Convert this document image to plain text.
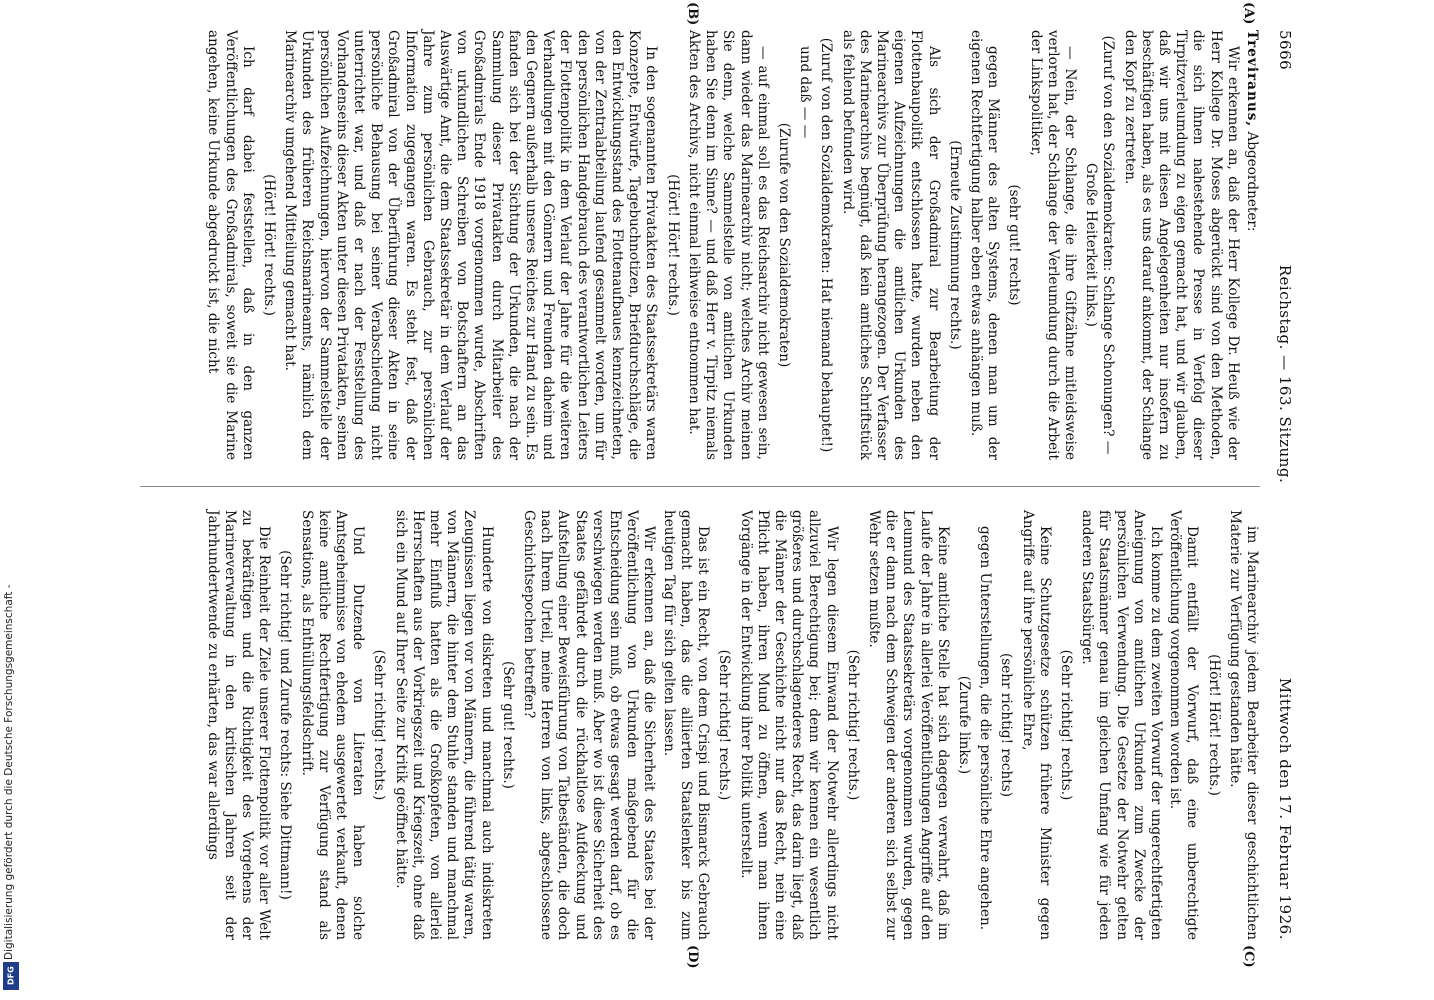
Digitalisierung gefördert durch die Deutsche Forschungsgemeinschaft -
DFG
5666
Reichstag. — 163. Sitzung.
Mittwoch den 17. Februar 1926.
(A)
(B)
(C)
(D)

Treviranus, Abgeordneter:

Wir erkennen an, daß der Herr Kollege Dr. Heuß wie der Herr Kollege Dr. Moses abgerückt sind von den Methoden, die sich ihnen nahestehende Presse in Verfolg dieser Tirpitzverleumdung zu eigen gemacht hat, und wir glauben, daß wir uns mit diesen Angelegenheiten nur insofern zu beschäftigen haben, als es uns darauf ankommt, der Schlange den Kopf zu zertreten.

(Zuruf von den Sozialdemokraten: Schlange Schonungen? — Große Heiterkeit links.)

— Nein, der Schlange, die ihre Giftzähne mitleidsweise verloren hat, der Schlange der Verleumdung durch die Arbeit der Linkspolitiker,

(sehr gut! rechts)

gegen Männer des alten Systems, denen man um der eigenen Rechtfertigung halber eben etwas anhängen muß.

(Erneute Zustimmung rechts.)

Als sich der Großadmiral zur Bearbeitung der Flottenbaupolitik entschlossen hatte, wurden neben den eigenen Aufzeichnungen die amtlichen Urkunden des Marinearchivs zur Überprüfung herangezogen. Der Verfasser des Marinearchivs begnügt, daß kein amtliches Schriftstück als fehlend befunden wird.

(Zuruf von den Sozialdemokraten: Hat niemand behauptet!)

und daß — —

(Zurufe von den Sozialdemokraten)

— auf einmal soll es das Reichsarchiv nicht gewesen sein, dann wieder das Marinearchiv nicht; welches Archiv meinen Sie denn, welche Sammelstelle von amtlichen Urkunden haben Sie denn im Sinne? — und daß Herr v. Tirpitz niemals Akten des Archivs, nicht einmal leihweise entnommen hat.

(Hört! Hört! rechts.)

In den sogenannten Privatakten des Staatssekretärs waren Konzepte, Entwürfe, Tagebuchnotizen, Briefdurchschläge, die den Entwicklungsstand des Flottenaufbaues kennzeichneten, von der Zentralabteilung laufend gesammelt worden, um für den persönlichen Handgebrauch des verantwortlichen Leiters der Flottenpolitik in dem Verlauf der Jahre für die weiteren Verhandlungen mit den Gönnern und Freunden daheim und den Gegnern außerhalb unseres Reiches zur Hand zu sein. Es fanden sich bei der Sichtung der Urkunden, die nach der Sammlung dieser Privatakten durch Mitarbeiter des Großadmirals Ende 1918 vorgenommen wurde, Abschriften von urkundlichen Schreiben von Botschaftern an das Auswärtige Amt, die dem Staatssekretär in dem Verlauf der Jahre zum persönlichen Gebrauch, zur persönlichen Information zugegangen waren. Es steht fest, daß der Großadmiral von der Überführung dieser Akten in seine persönliche Behausung bei seiner Verabschiedung nicht unterrichtet war, und daß er nach der Feststellung des Vorhandenseins dieser Akten unter diesen Privatakten, seinen persönlichen Aufzeichnungen, hiervon der Sammelstelle der Urkunden des früheren Reichsmarineamts, nämlich dem Marinearchiv umgehend Mitteilung gemacht hat.

(Hört! Hört! rechts.)

Ich darf dabei feststellen, daß in den ganzen Veröffentlichungen des Großadmirals, soweit sie die Marine angehen, keine Urkunde abgedruckt ist, die nicht

im Marinearchiv jedem Bearbeiter dieser geschichtlichen Materie zur Verfügung gestanden hätte.

(Hört! Hört! rechts.)

Damit entfällt der Vorwurf, daß eine unberechtigte Veröffentlichung vorgenommen worden ist.

Ich komme zu dem zweiten Vorwurf der ungerechtfertigten Aneignung von amtlichen Urkunden zum Zwecke der persönlichen Verwendung. Die Gesetze der Notwehr gelten für Staatsmänner genau im gleichen Umfang wie für jeden anderen Staatsbürger.

(Sehr richtig! rechts.)

Keine Schutzgesetze schützen frühere Minister gegen Angriffe auf ihre persönliche Ehre,

(sehr richtig! rechts)

gegen Unterstellungen, die die persönliche Ehre angehen.

(Zurufe links.)

Keine amtliche Stelle hat sich dagegen verwahrt, daß im Laufe der Jahre in allerlei Veröffentlichungen Angriffe auf den Leumund des Staatssekretärs vorgenommen wurden, gegen die er dann nach dem Schweigen der anderen sich selbst zur Wehr setzen mußte.

(Sehr richtig! rechts.)

Wir legen diesem Einwand der Notwehr allerdings nicht allzuviel Berechtigung bei; denn wir kennen ein wesentlich größeres und durchschlagenderes Recht, das darin liegt, daß die Männer der Geschichte nicht nur das Recht, nein eine Pflicht haben, ihren Mund zu öffnen, wenn man ihnen Vorgänge in der Entwicklung ihrer Politik unterstellt.

(Sehr richtig! rechts.)

Das ist ein Recht, von dem Crispi und Bismarck Gebrauch gemacht haben, das die alliierten Staatslenker bis zum heutigen Tag für sich gelten lassen.

Wir erkennen an, daß die Sicherheit des Staates bei der Veröffentlichung von Urkunden maßgebend für die Entscheidung sein muß, ob etwas gesagt werden darf, ob es verschwiegen werden muß. Aber wo ist diese Sicherheit des Staates gefährdet durch die rückhaltlose Aufdeckung und Aufstellung einer Beweisführung von Tatbeständen, die doch nach Ihrem Urteil, meine Herren von links, abgeschlossene Geschichtsepochen betreffen?

(Sehr gut! rechts.)

Hunderte von diskreten und manchmal auch indiskreten Zeugnissen liegen vor von Männern, die führend tätig waren, von Männern, die hinter dem Stuhle standen und manchmal mehr Einfluß hatten als die Großkopfeten, von allerlei Herrschaften aus der Vorkriegszeit und Kriegszeit, ohne daß sich ein Mund auf Ihrer Seite zur Kritik geöffnet hätte.

(Sehr richtig! rechts.)

Und Dutzende von Literaten haben solche Amtsgeheimnisse von ehedem ausgewertet verkauft, denen keine amtliche Rechtfertigung zur Verfügung stand als Sensations, als Enthüllungsfeldschrift.

(Sehr richtig! und Zurufe rechts: Siehe Dittmann!)

Die Reinheit der Ziele unserer Flottenpolitik vor aller Welt zu bekräftigen und die Richtigkeit des Vorgehens der Marineverwaltung in den kritischen Jahren seit der Jahrhundertwende zu erhärten, das war allerdings
